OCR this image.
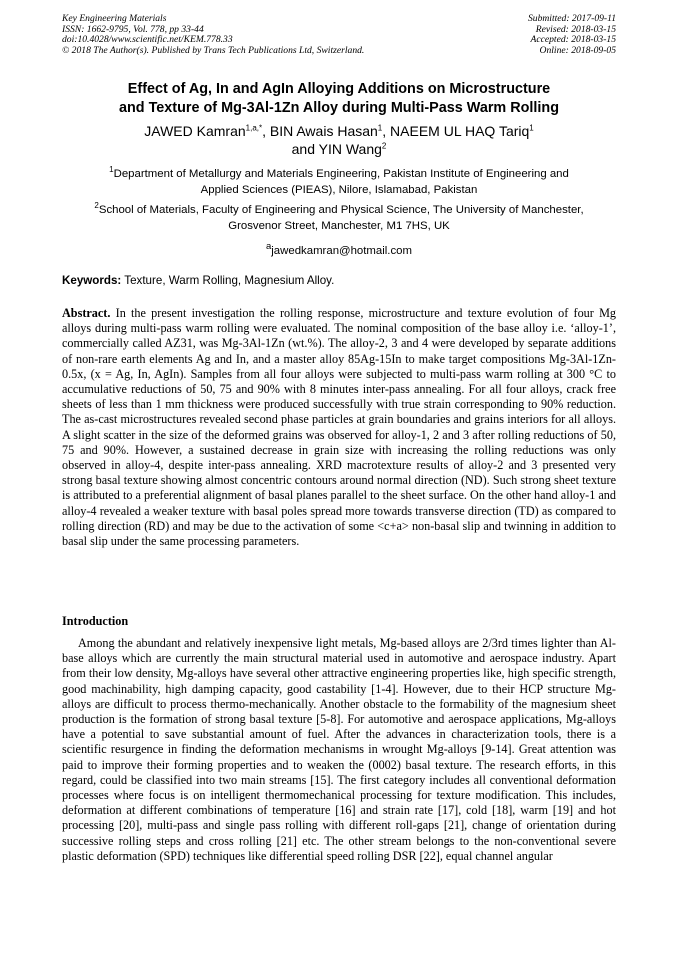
Key Engineering Materials
ISSN: 1662-9795, Vol. 778, pp 33-44
doi:10.4028/www.scientific.net/KEM.778.33
© 2018 The Author(s). Published by Trans Tech Publications Ltd, Switzerland.
Submitted: 2017-09-11
Revised: 2018-03-15
Accepted: 2018-03-15
Online: 2018-09-05
Effect of Ag, In and AgIn Alloying Additions on Microstructure
and Texture of Mg-3Al-1Zn Alloy during Multi-Pass Warm Rolling
JAWED Kamran$^{1,a,*}$, BIN Awais Hasan$^1$, NAEEM UL HAQ Tariq$^1$
and YIN Wang$^2$
$^1$Department of Metallurgy and Materials Engineering, Pakistan Institute of Engineering and
Applied Sciences (PIEAS), Nilore, Islamabad, Pakistan
$^2$School of Materials, Faculty of Engineering and Physical Science, The University of Manchester,
Grosvenor Street, Manchester, M1 7HS, UK
$^a$jawedkamran@hotmail.com
Keywords: Texture, Warm Rolling, Magnesium Alloy.
Abstract. In the present investigation the rolling response, microstructure and texture evolution of four Mg alloys during multi-pass warm rolling were evaluated. The nominal composition of the base alloy i.e. ‘alloy-1’, commercially called AZ31, was Mg-3Al-1Zn (wt.%). The alloy-2, 3 and 4 were developed by separate additions of non-rare earth elements Ag and In, and a master alloy 85Ag-15In to make target compositions Mg-3Al-1Zn-0.5x, (x = Ag, In, AgIn). Samples from all four alloys were subjected to multi-pass warm rolling at 300 °C to accumulative reductions of 50, 75 and 90% with 8 minutes inter-pass annealing. For all four alloys, crack free sheets of less than 1 mm thickness were produced successfully with true strain corresponding to 90% reduction. The as-cast microstructures revealed second phase particles at grain boundaries and grains interiors for all alloys. A slight scatter in the size of the deformed grains was observed for alloy-1, 2 and 3 after rolling reductions of 50, 75 and 90%. However, a sustained decrease in grain size with increasing the rolling reductions was only observed in alloy-4, despite inter-pass annealing. XRD macrotexture results of alloy-2 and 3 presented very strong basal texture showing almost concentric contours around normal direction (ND). Such strong sheet texture is attributed to a preferential alignment of basal planes parallel to the sheet surface. On the other hand alloy-1 and alloy-4 revealed a weaker texture with basal poles spread more towards transverse direction (TD) as compared to rolling direction (RD) and may be due to the activation of some <c+a> non-basal slip and twinning in addition to basal slip under the same processing parameters.
Introduction
Among the abundant and relatively inexpensive light metals, Mg-based alloys are 2/3rd times lighter than Al-base alloys which are currently the main structural material used in automotive and aerospace industry. Apart from their low density, Mg-alloys have several other attractive engineering properties like, high specific strength, good machinability, high damping capacity, good castability [1-4]. However, due to their HCP structure Mg-alloys are difficult to process thermo-mechanically. Another obstacle to the formability of the magnesium sheet production is the formation of strong basal texture [5-8]. For automotive and aerospace applications, Mg-alloys have a potential to save substantial amount of fuel. After the advances in characterization tools, there is a scientific resurgence in finding the deformation mechanisms in wrought Mg-alloys [9-14]. Great attention was paid to improve their forming properties and to weaken the (0002) basal texture. The research efforts, in this regard, could be classified into two main streams [15]. The first category includes all conventional deformation processes where focus is on intelligent thermomechanical processing for texture modification. This includes, deformation at different combinations of temperature [16] and strain rate [17], cold [18], warm [19] and hot processing [20], multi-pass and single pass rolling with different roll-gaps [21], change of orientation during successive rolling steps and cross rolling [21] etc. The other stream belongs to the non-conventional severe plastic deformation (SPD) techniques like differential speed rolling DSR [22], equal channel angular
